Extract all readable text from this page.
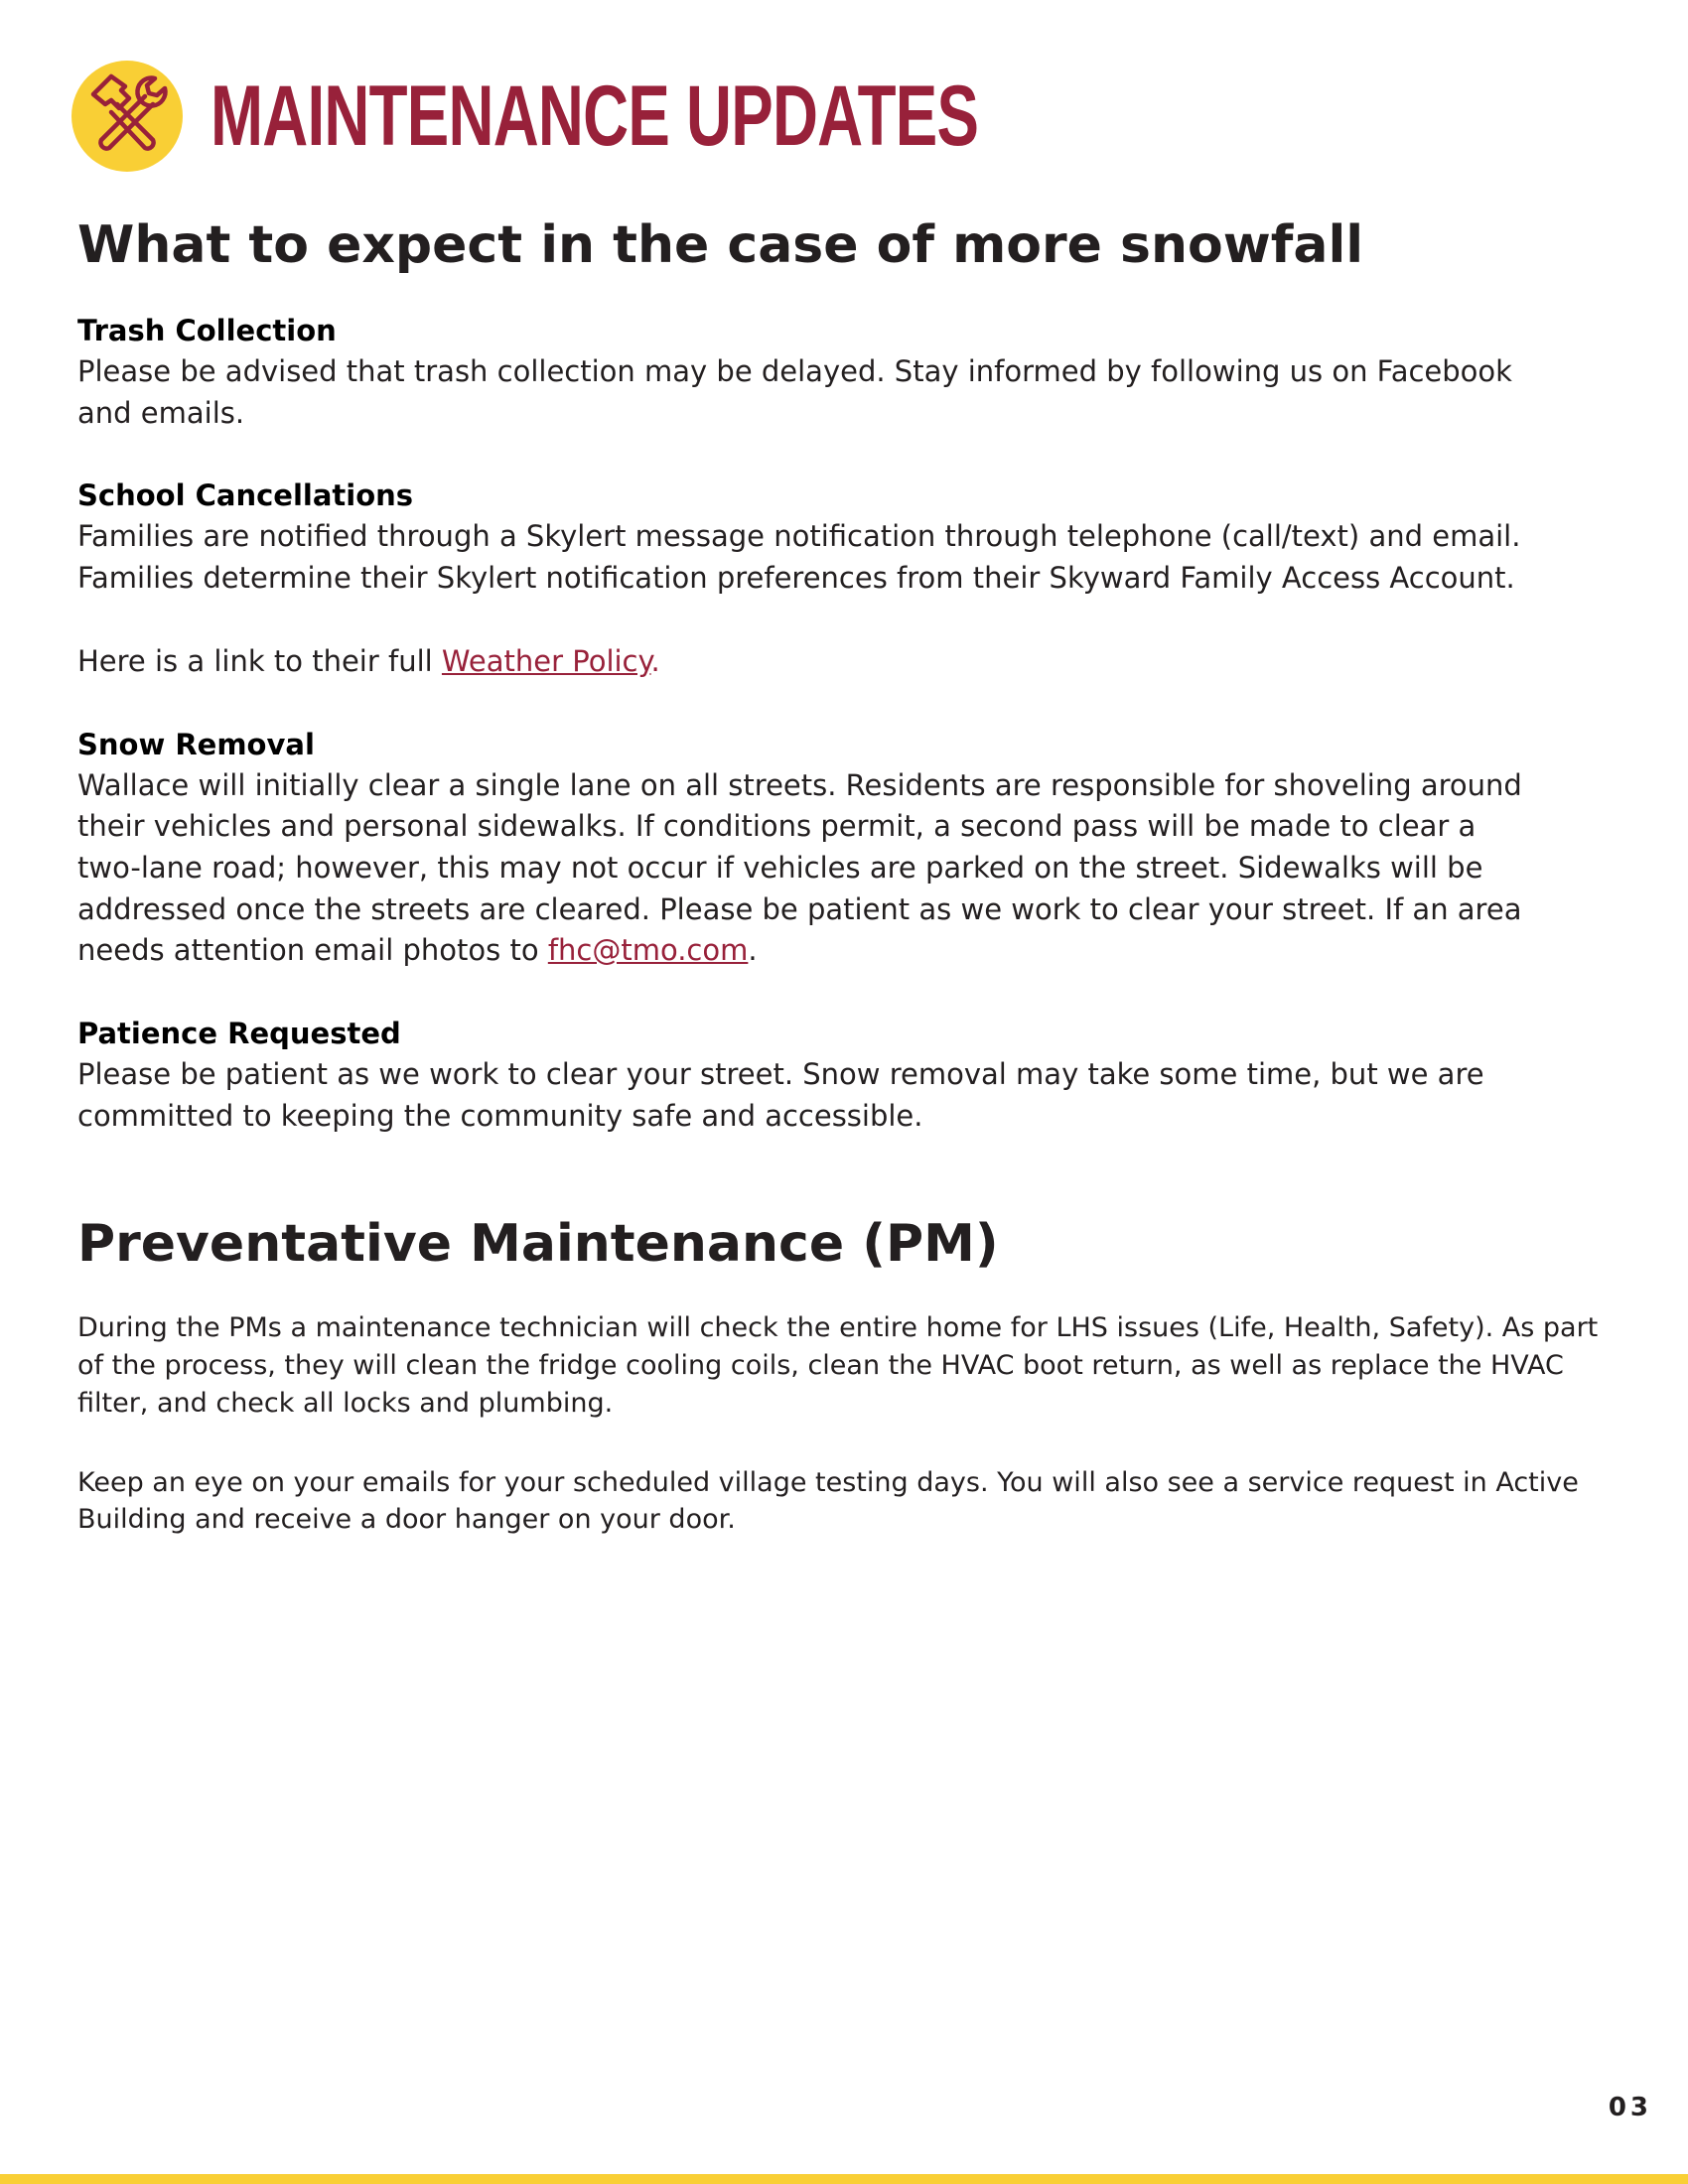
MAINTENANCE UPDATES
What to expect in the case of more snowfall

Trash Collection

Please be advised that trash collection may be delayed. Stay informed by following us on Facebook and emails.

School Cancellations

Families are notified through a Skylert message notification through telephone (call/text) and email. Families determine their Skylert notification preferences from their Skyward Family Access Account.

Here is a link to their full Weather Policy.

Snow Removal

Wallace will initially clear a single lane on all streets. Residents are responsible for shoveling around their vehicles and personal sidewalks. If conditions permit, a second pass will be made to clear a two-lane road; however, this may not occur if vehicles are parked on the street. Sidewalks will be addressed once the streets are cleared. Please be patient as we work to clear your street. If an area needs attention email photos to fhc@tmo.com.

Patience Requested

Please be patient as we work to clear your street. Snow removal may take some time, but we are committed to keeping the community safe and accessible.

Preventative Maintenance (PM)

During the PMs a maintenance technician will check the entire home for LHS issues (Life, Health, Safety). As part of the process, they will clean the fridge cooling coils, clean the HVAC boot return, as well as replace the HVAC filter, and check all locks and plumbing.

Keep an eye on your emails for your scheduled village testing days. You will also see a service request in Active Building and receive a door hanger on your door.

03
